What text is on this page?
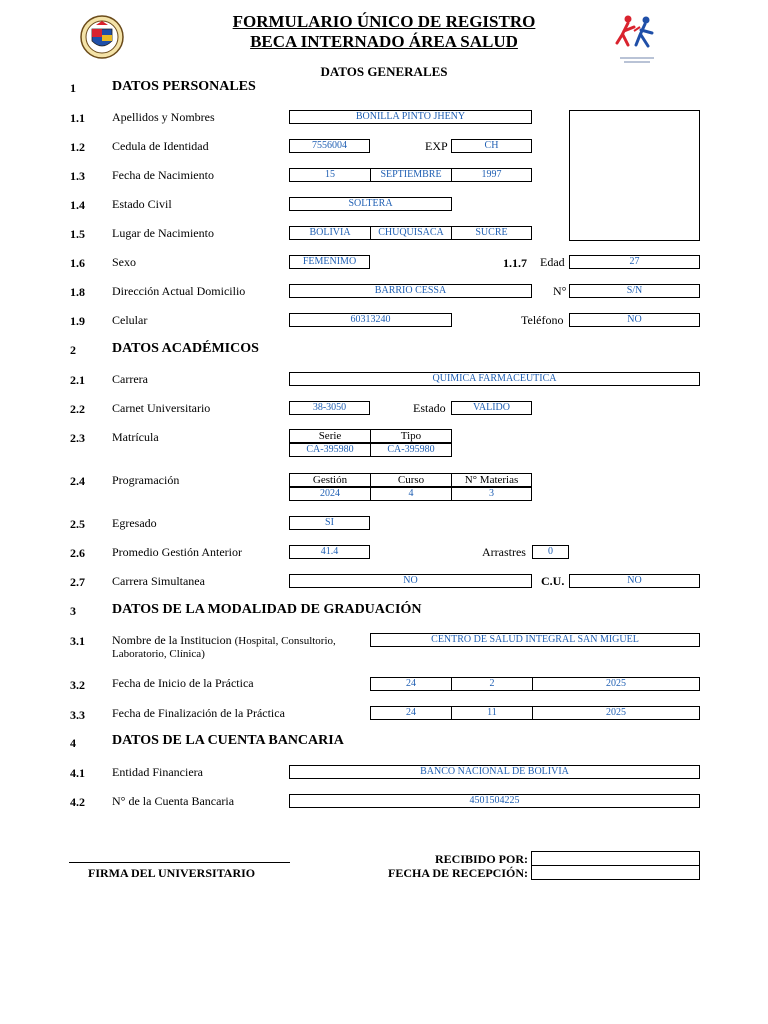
FORMULARIO ÚNICO DE REGISTRO
BECA INTERNADO ÁREA SALUD
DATOS GENERALES
1	DATOS PERSONALES
1.1 Apellidos y Nombres	BONILLA PINTO JHENY
1.2 Cedula de Identidad	7556004	EXP	CH
1.3 Fecha de Nacimiento	15	SEPTIEMBRE	1997
1.4 Estado Civil	SOLTERA
1.5 Lugar de Nacimiento	BOLIVIA	CHUQUISACA	SUCRE
1.6 Sexo	FEMENIMO	1.1.7 Edad	27
1.8 Dirección Actual Domicilio	BARRIO CESSA	N°	S/N
1.9 Celular	60313240	Teléfono	NO
2	DATOS ACADÉMICOS
2.1 Carrera	QUIMICA FARMACEUTICA
2.2 Carnet Universitario	38-3050	Estado	VALIDO
2.3 Matrícula	Serie	Tipo
CA-395980	CA-395980
2.4 Programación	Gestión	Curso	N° Materias
2024	4	3
2.5 Egresado	SI
2.6 Promedio Gestión Anterior	41.4	Arrastres	0
2.7 Carrera Simultanea	NO	C.U.	NO
3	DATOS DE LA MODALIDAD DE GRADUACIÓN
3.1 Nombre de la Institucion (Hospital, Consultorio,
Laboratorio, Clínica)
CENTRO DE SALUD INTEGRAL SAN MIGUEL
3.2 Fecha de Inicio de la Práctica	24	2	2025
3.3 Fecha de Finalización de la Práctica	24	11	2025
4	DATOS DE LA CUENTA BANCARIA
4.1 Entidad Financiera	BANCO NACIONAL DE BOLIVIA
4.2 N° de la Cuenta Bancaria	4501504225
FIRMA DEL UNIVERSITARIO
RECIBIDO POR:
FECHA DE RECEPCIÓN:
